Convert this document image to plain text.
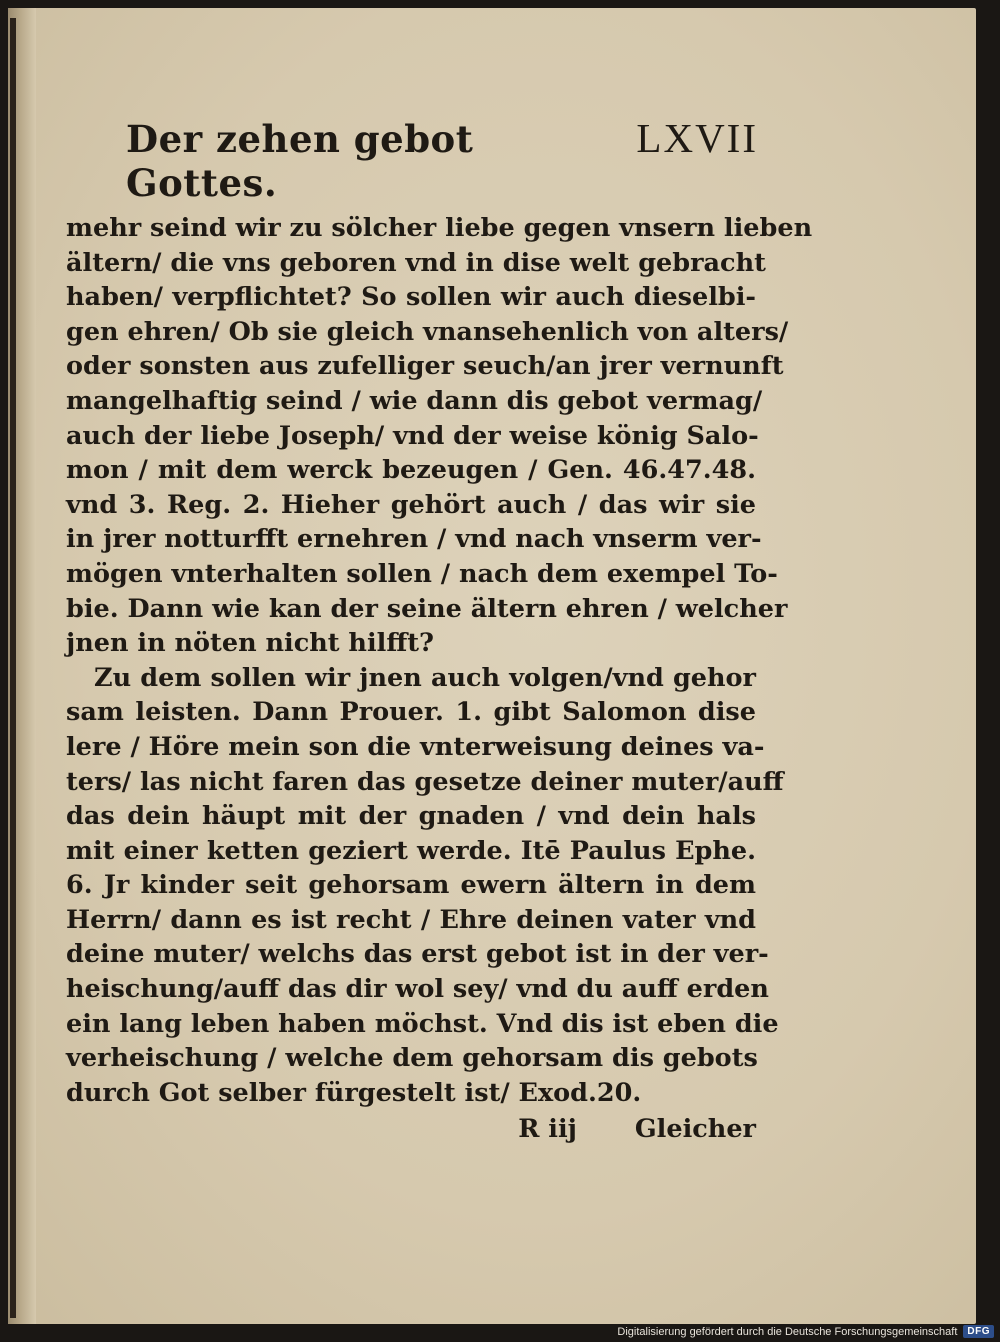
Der zehen gebot Gottes.
LXVII
mehr seind wir zu sölcher liebe gegen vnsern lieben
ältern/ die vns geboren vnd in dise welt gebracht
haben/ verpflichtet? So sollen wir auch dieselbi-
gen ehren/ Ob sie gleich vnansehenlich von alters/
oder sonsten aus zufelliger seuch/an jrer vernunft
mangelhaftig seind / wie dann dis gebot vermag/
auch der liebe Joseph/ vnd der weise könig Salo-
mon / mit dem werck bezeugen / Gen. 46.47.48.
vnd 3. Reg. 2. Hieher gehört auch / das wir sie
in jrer notturfft ernehren / vnd nach vnserm ver-
mögen vnterhalten sollen / nach dem exempel To-
bie. Dann wie kan der seine ältern ehren / welcher
jnen in nöten nicht hilfft?
Zu dem sollen wir jnen auch volgen/vnd gehor
sam leisten. Dann Prouer. 1. gibt Salomon dise
lere / Höre mein son die vnterweisung deines va-
ters/ las nicht faren das gesetze deiner muter/auff
das dein häupt mit der gnaden / vnd dein hals
mit einer ketten geziert werde. Itē Paulus Ephe.
6. Jr kinder seit gehorsam ewern ältern in dem
Herrn/ dann es ist recht / Ehre deinen vater vnd
deine muter/ welchs das erst gebot ist in der ver-
heischung/auff das dir wol sey/ vnd du auff erden
ein lang leben haben möchst. Vnd dis ist eben die
verheischung / welche dem gehorsam dis gebots
durch Got selber fürgestelt ist/ Exod.20.
R iij Gleicher
Digitalisierung gefördert durch die Deutsche Forschungsgemeinschaft	DFG
